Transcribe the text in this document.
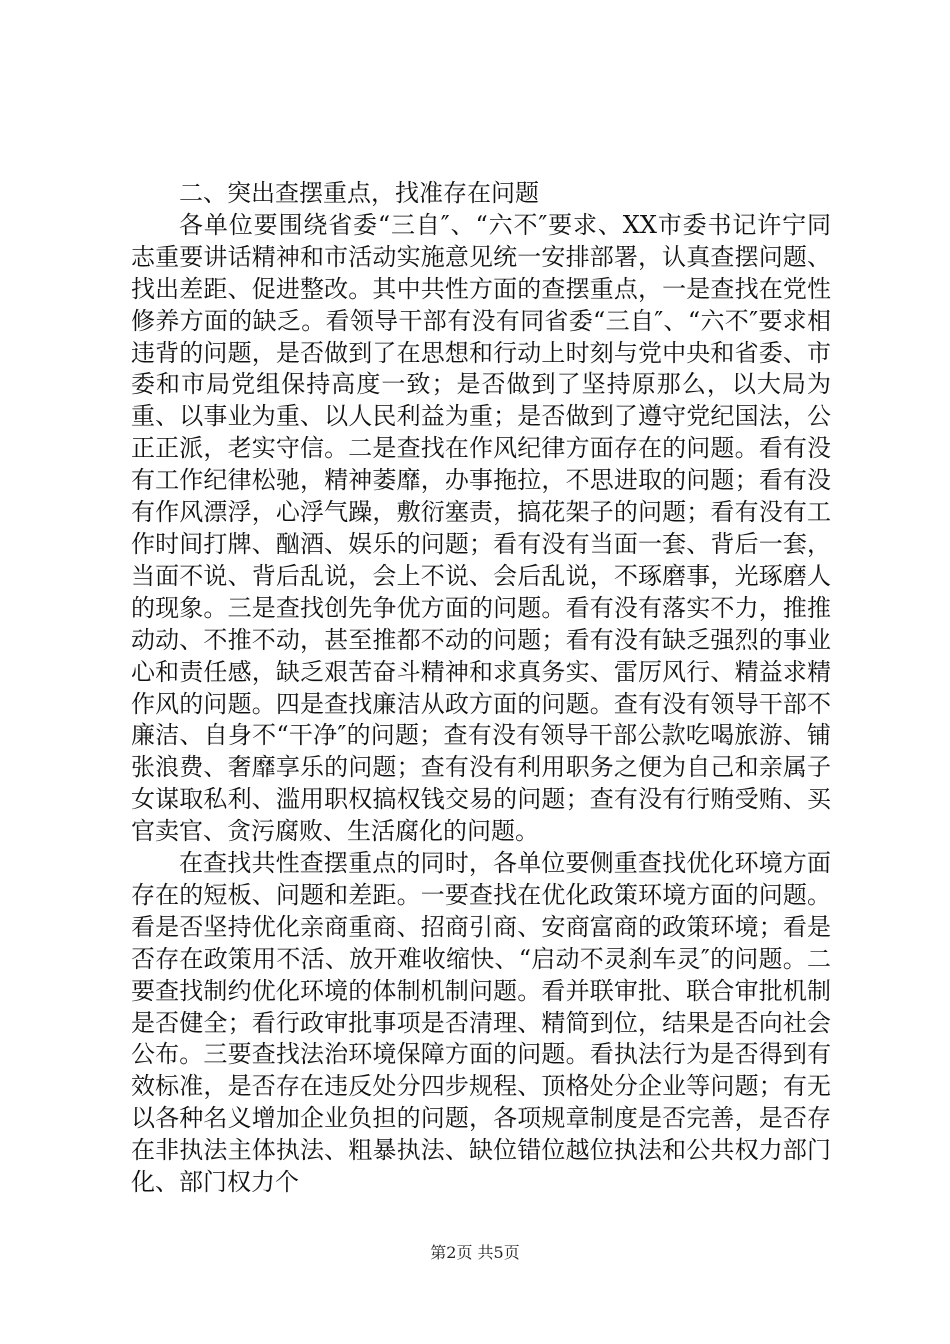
二、突出查摆重点，找准存在问题

各单位要围绕省委“三自″、“六不″要求、XX市委书记许宁同志重要讲话精神和市活动实施意见统一安排部署，认真查摆问题、找出差距、促进整改。其中共性方面的查摆重点，一是查找在党性修养方面的缺乏。看领导干部有没有同省委“三自″、“六不″要求相违背的问题，是否做到了在思想和行动上时刻与党中央和省委、市委和市局党组保持高度一致；是否做到了坚持原那么，以大局为重、以事业为重、以人民利益为重；是否做到了遵守党纪国法，公正正派，老实守信。二是查找在作风纪律方面存在的问题。看有没有工作纪律松驰，精神萎靡，办事拖拉，不思进取的问题；看有没有作风漂浮，心浮气躁，敷衍塞责，搞花架子的问题；看有没有工作时间打牌、酗酒、娱乐的问题；看有没有当面一套、背后一套，当面不说、背后乱说，会上不说、会后乱说，不琢磨事，光琢磨人的现象。三是查找创先争优方面的问题。看有没有落实不力，推推动动、不推不动，甚至推都不动的问题；看有没有缺乏强烈的事业心和责任感，缺乏艰苦奋斗精神和求真务实、雷厉风行、精益求精作风的问题。四是查找廉洁从政方面的问题。查有没有领导干部不廉洁、自身不“干净″的问题；查有没有领导干部公款吃喝旅游、铺张浪费、奢靡享乐的问题；查有没有利用职务之便为自己和亲属子女谋取私利、滥用职权搞权钱交易的问题；查有没有行贿受贿、买官卖官、贪污腐败、生活腐化的问题。

在查找共性查摆重点的同时，各单位要侧重查找优化环境方面存在的短板、问题和差距。一要查找在优化政策环境方面的问题。看是否坚持优化亲商重商、招商引商、安商富商的政策环境；看是否存在政策用不活、放开难收缩快、“启动不灵刹车灵″的问题。二要查找制约优化环境的体制机制问题。看并联审批、联合审批机制是否健全；看行政审批事项是否清理、精简到位，结果是否向社会公布。三要查找法治环境保障方面的问题。看执法行为是否得到有效标准，是否存在违反处分四步规程、顶格处分企业等问题；有无以各种名义增加企业负担的问题，各项规章制度是否完善，是否存在非执法主体执法、粗暴执法、缺位错位越位执法和公共权力部门化、部门权力个

第2页 共5页
